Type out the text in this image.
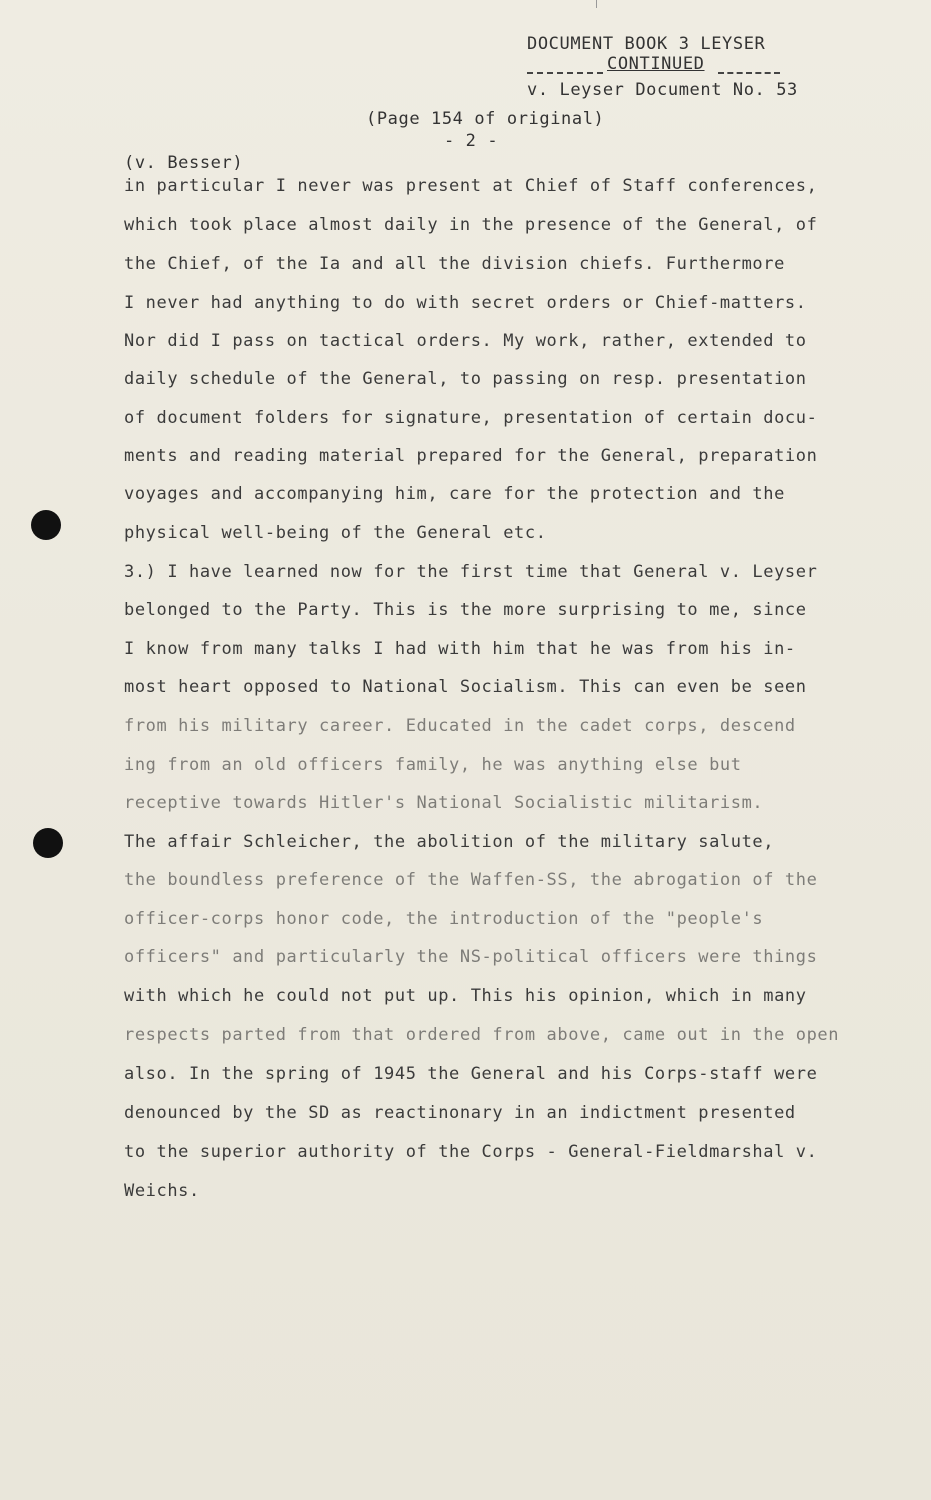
DOCUMENT BOOK 3 LEYSER
CONTINUED
v. Leyser Document No. 53
(Page 154 of original)
- 2 -
(v. Besser)
in particular I never was present at Chief of Staff conferences,
which took place almost daily in the presence of the General, of
the Chief, of the Ia and all the division chiefs. Furthermore
I never had anything to do with secret orders or Chief-matters.
Nor did I pass on tactical orders. My work, rather, extended to
daily schedule of the General, to passing on resp. presentation
of document folders for signature, presentation of certain docu-
ments and reading material prepared for the General, preparation
voyages and accompanying him, care for the protection and the
physical well-being of the General etc.
3.) I have learned now for the first time that General v. Leyser
belonged to the Party. This is the more surprising to me, since
I know from many talks I had with him that he was from his in-
most heart opposed to National Socialism. This can even be seen
from his military career. Educated in the cadet corps, descend
ing from an old officers family, he was anything else but
receptive towards Hitler's National Socialistic militarism.
The affair Schleicher, the abolition of the military salute,
the boundless preference of the Waffen-SS, the abrogation of the
officer-corps honor code, the introduction of the "people's
officers" and particularly the NS-political officers were things
with which he could not put up. This his opinion, which in many
respects parted from that ordered from above, came out in the open
also. In the spring of 1945 the General and his Corps-staff were
denounced by the SD as reactinonary in an indictment presented
to the superior authority of the Corps - General-Fieldmarshal v.
Weichs.
